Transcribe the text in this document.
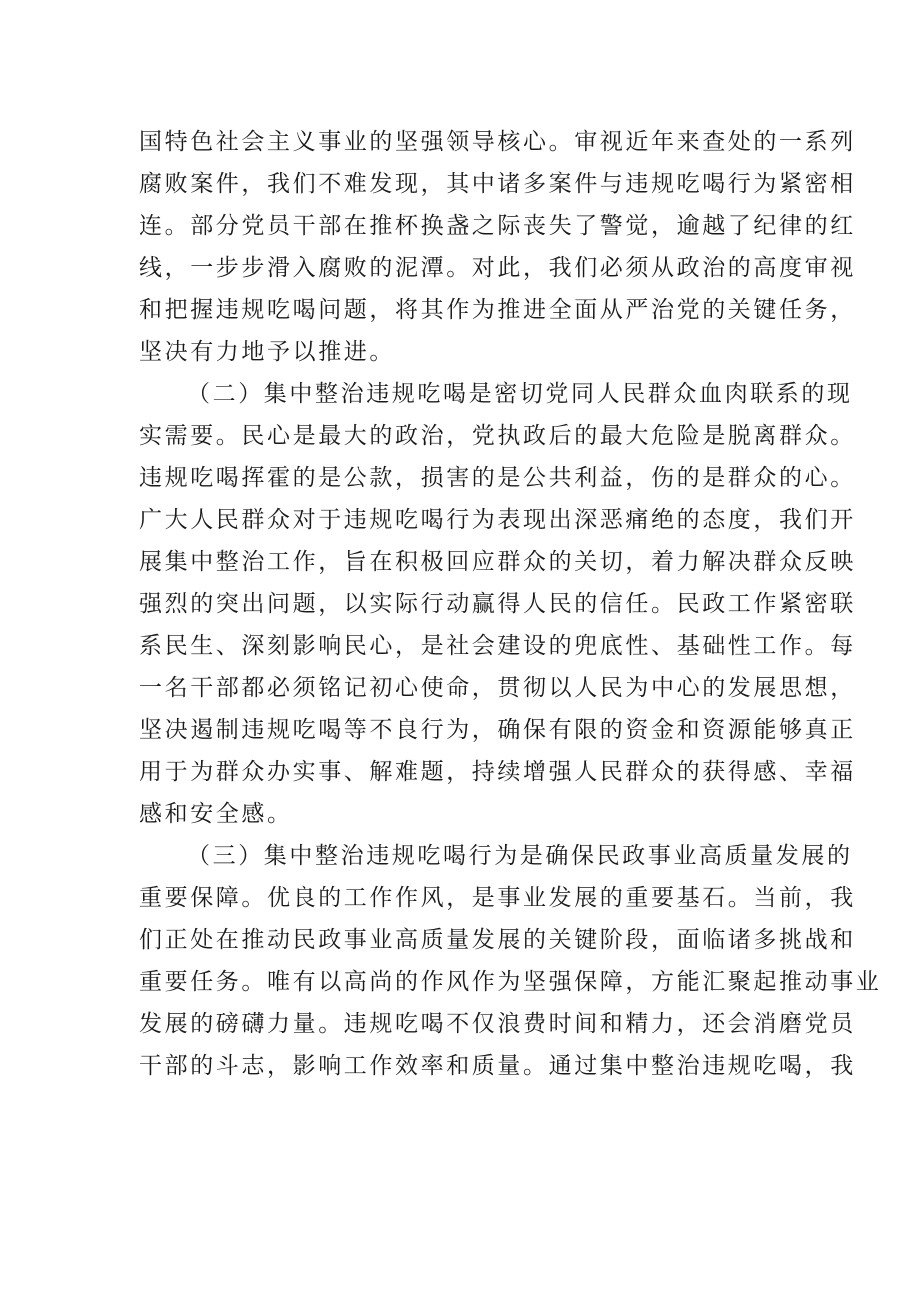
国特色社会主义事业的坚强领导核心。审视近年来查处的一系列
腐败案件，我们不难发现，其中诸多案件与违规吃喝行为紧密相
连。部分党员干部在推杯换盏之际丧失了警觉，逾越了纪律的红
线，一步步滑入腐败的泥潭。对此，我们必须从政治的高度审视
和把握违规吃喝问题，将其作为推进全面从严治党的关键任务，
坚决有力地予以推进。
（二）集中整治违规吃喝是密切党同人民群众血肉联系的现
实需要。民心是最大的政治，党执政后的最大危险是脱离群众。
违规吃喝挥霍的是公款，损害的是公共利益，伤的是群众的心。
广大人民群众对于违规吃喝行为表现出深恶痛绝的态度，我们开
展集中整治工作，旨在积极回应群众的关切，着力解决群众反映
强烈的突出问题，以实际行动赢得人民的信任。民政工作紧密联
系民生、深刻影响民心，是社会建设的兜底性、基础性工作。每
一名干部都必须铭记初心使命，贯彻以人民为中心的发展思想，
坚决遏制违规吃喝等不良行为，确保有限的资金和资源能够真正
用于为群众办实事、解难题，持续增强人民群众的获得感、幸福
感和安全感。
（三）集中整治违规吃喝行为是确保民政事业高质量发展的
重要保障。优良的工作作风，是事业发展的重要基石。当前，我
们正处在推动民政事业高质量发展的关键阶段，面临诸多挑战和
重要任务。唯有以高尚的作风作为坚强保障，方能汇聚起推动事业
发展的磅礴力量。违规吃喝不仅浪费时间和精力，还会消磨党员
干部的斗志，影响工作效率和质量。通过集中整治违规吃喝，我
